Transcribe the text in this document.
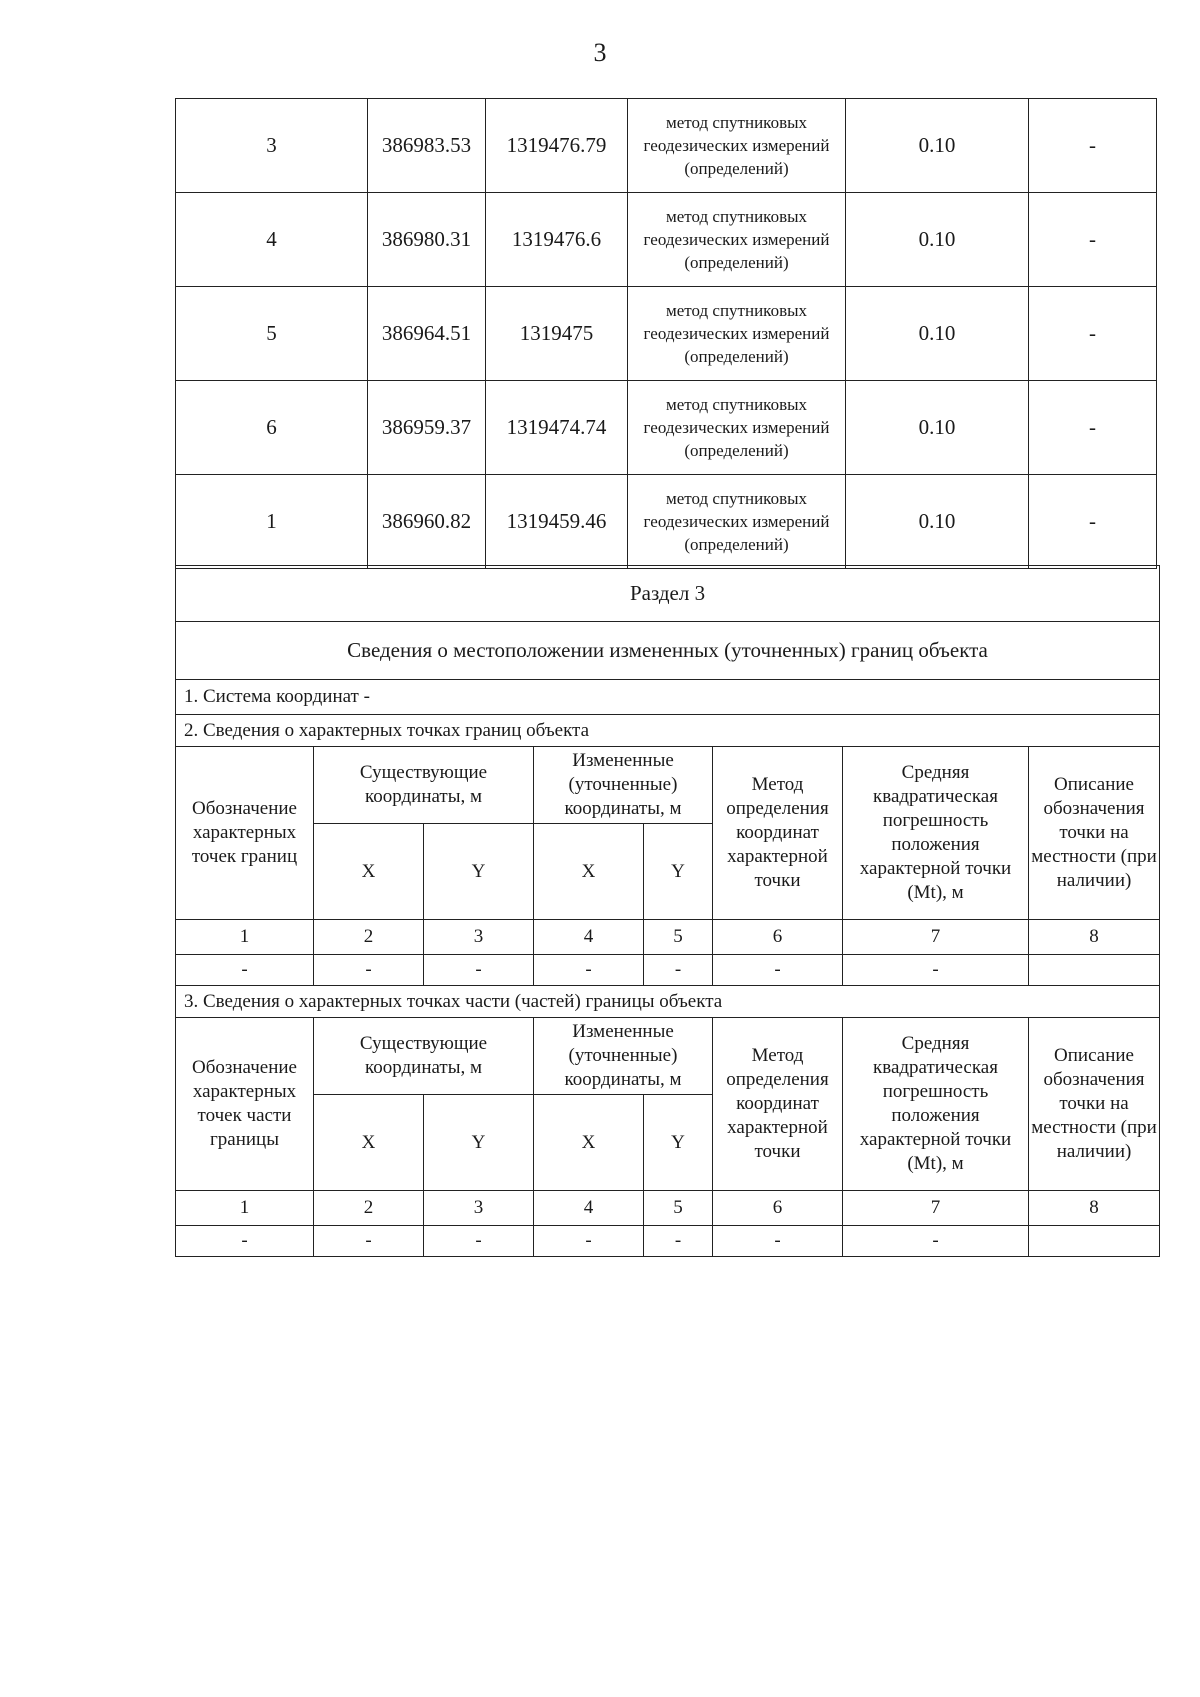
3
3	386983.53	1319476.79	метод спутниковых геодезических измерений (определений)	0.10	-
4	386980.31	1319476.6	метод спутниковых геодезических измерений (определений)	0.10	-
5	386964.51	1319475	метод спутниковых геодезических измерений (определений)	0.10	-
6	386959.37	1319474.74	метод спутниковых геодезических измерений (определений)	0.10	-
1	386960.82	1319459.46	метод спутниковых геодезических измерений (определений)	0.10	-
Раздел 3							
Сведения о местоположении измененных (уточненных) границ объекта							
1. Система координат -							
2. Сведения о характерных точках границ объекта							
Обозначение характерных точек границ	Существующие координаты, м		Измененные (уточненные) координаты, м		Метод определения координат характерной точки	Средняя квадратическая погрешность положения характерной точки (Mt), м	Описание обозначения точки на местности (при наличии)
	X	Y	X	Y			
1	2	3	4	5	6	7	8
-	-	-	-	-	-	-	
3. Сведения о характерных точках части (частей) границы объекта							
Обозначение характерных точек части границы	Существующие координаты, м		Измененные (уточненные) координаты, м		Метод определения координат характерной точки	Средняя квадратическая погрешность положения характерной точки (Mt), м	Описание обозначения точки на местности (при наличии)
	X	Y	X	Y			
1	2	3	4	5	6	7	8
-	-	-	-	-	-	-	
